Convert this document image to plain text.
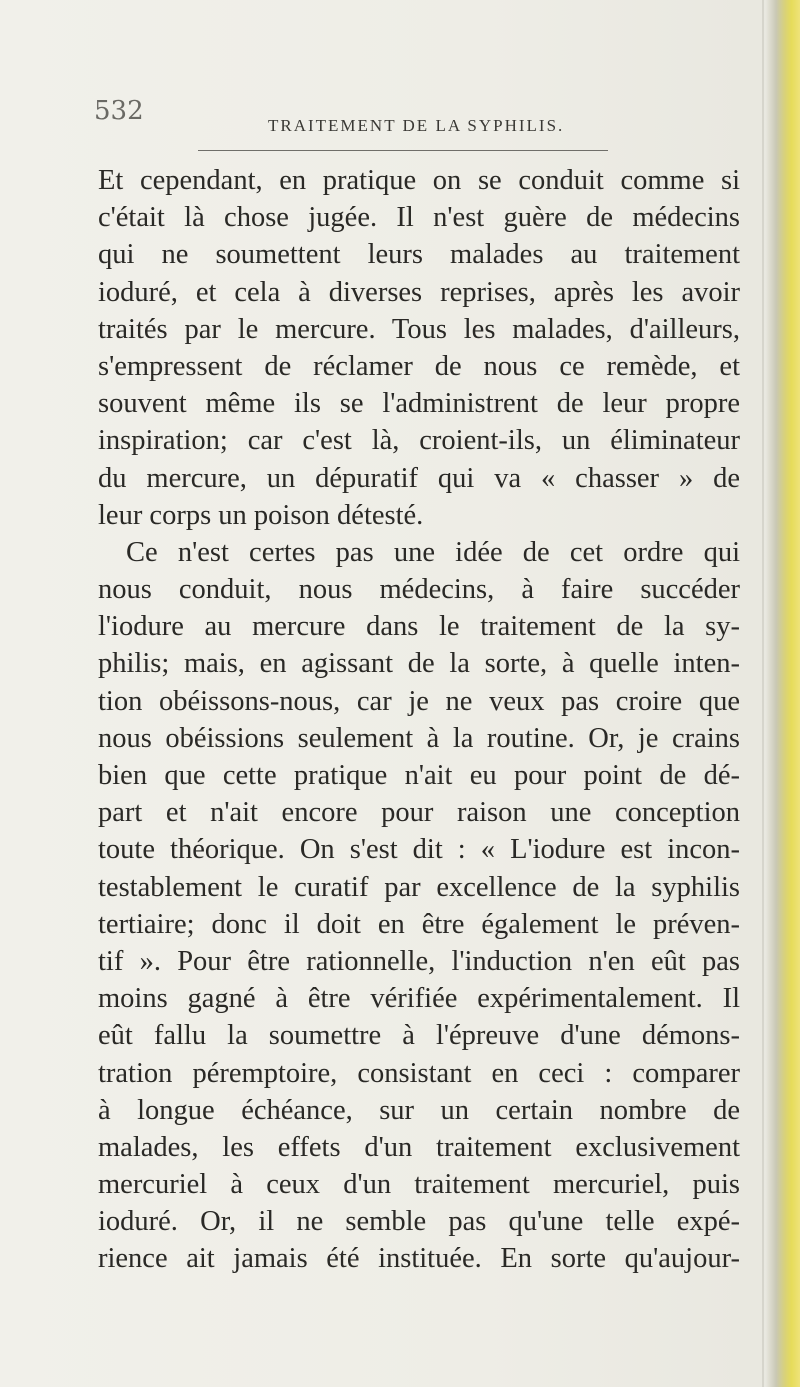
532	TRAITEMENT DE LA SYPHILIS.
Et cependant, en pratique on se conduit comme si
c'était là chose jugée. Il n'est guère de médecins
qui ne soumettent leurs malades au traitement
ioduré, et cela à diverses reprises, après les avoir
traités par le mercure. Tous les malades, d'ailleurs,
s'empressent de réclamer de nous ce remède, et
souvent même ils se l'administrent de leur propre
inspiration; car c'est là, croient-ils, un éliminateur
du mercure, un dépuratif qui va « chasser » de
leur corps un poison détesté.
Ce n'est certes pas une idée de cet ordre qui
nous conduit, nous médecins, à faire succéder
l'iodure au mercure dans le traitement de la sy-
philis; mais, en agissant de la sorte, à quelle inten-
tion obéissons-nous, car je ne veux pas croire que
nous obéissions seulement à la routine. Or, je crains
bien que cette pratique n'ait eu pour point de dé-
part et n'ait encore pour raison une conception
toute théorique. On s'est dit : « L'iodure est incon-
testablement le curatif par excellence de la syphilis
tertiaire; donc il doit en être également le préven-
tif ». Pour être rationnelle, l'induction n'en eût pas
moins gagné à être vérifiée expérimentalement. Il
eût fallu la soumettre à l'épreuve d'une démons-
tration péremptoire, consistant en ceci : comparer
à longue échéance, sur un certain nombre de
malades, les effets d'un traitement exclusivement
mercuriel à ceux d'un traitement mercuriel, puis
ioduré. Or, il ne semble pas qu'une telle expé-
rience ait jamais été instituée. En sorte qu'aujour-
